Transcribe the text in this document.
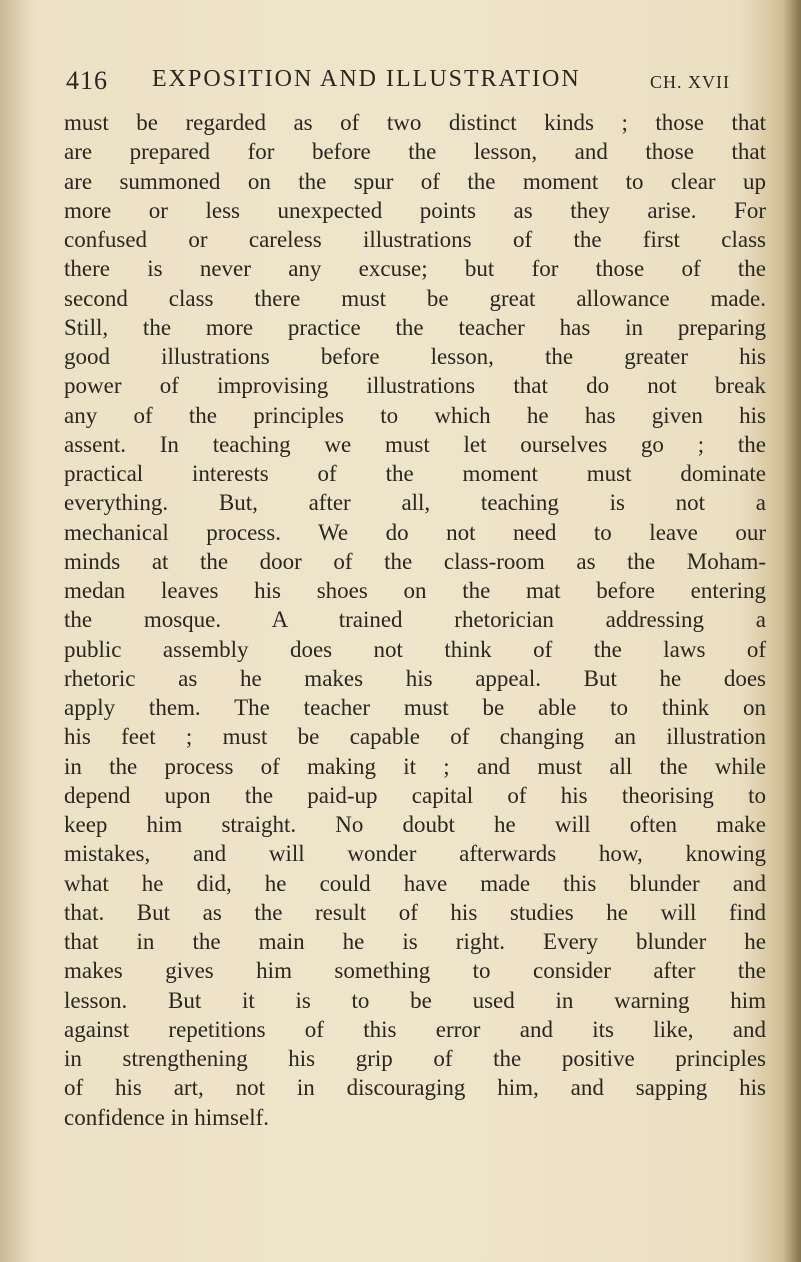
416 EXPOSITION AND ILLUSTRATION	CH. XVII
must be regarded as of two distinct kinds ; those that
are prepared for before the lesson, and those that
are summoned on the spur of the moment to clear up
more or less unexpected points as they arise. For
confused or careless illustrations of the first class
there is never any excuse; but for those of the
second class there must be great allowance made.
Still, the more practice the teacher has in preparing
good illustrations before lesson, the greater his
power of improvising illustrations that do not break
any of the principles to which he has given his
assent. In teaching we must let ourselves go ; the
practical interests of the moment must dominate
everything. But, after all, teaching is not a
mechanical process. We do not need to leave our
minds at the door of the class-room as the Moham-
medan leaves his shoes on the mat before entering
the mosque. A trained rhetorician addressing a
public assembly does not think of the laws of
rhetoric as he makes his appeal. But he does
apply them. The teacher must be able to think on
his feet ; must be capable of changing an illustration
in the process of making it ; and must all the while
depend upon the paid-up capital of his theorising to
keep him straight. No doubt he will often make
mistakes, and will wonder afterwards how, knowing
what he did, he could have made this blunder and
that. But as the result of his studies he will find
that in the main he is right. Every blunder he
makes gives him something to consider after the
lesson. But it is to be used in warning him
against repetitions of this error and its like, and
in strengthening his grip of the positive principles
of his art, not in discouraging him, and sapping his
confidence in himself.
